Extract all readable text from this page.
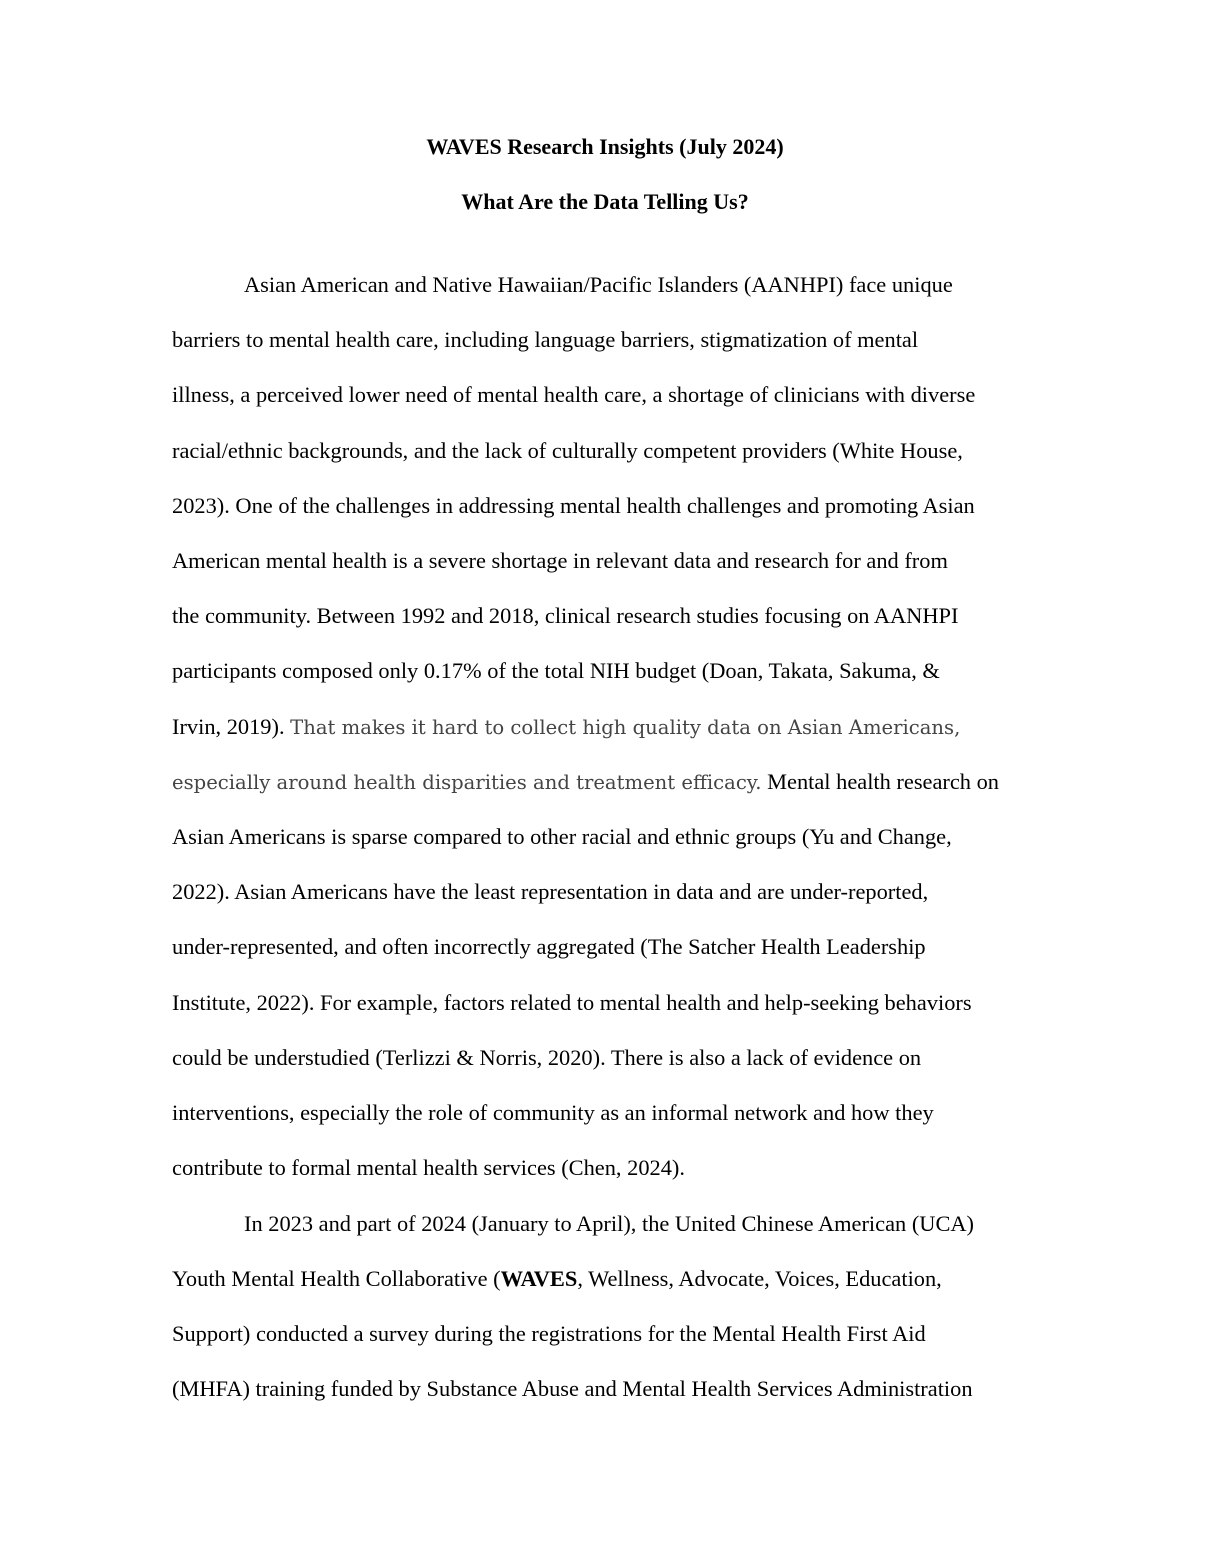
WAVES Research Insights (July 2024)
What Are the Data Telling Us?
Asian American and Native Hawaiian/Pacific Islanders (AANHPI) face unique
barriers to mental health care, including language barriers, stigmatization of mental
illness, a perceived lower need of mental health care, a shortage of clinicians with diverse
racial/ethnic backgrounds, and the lack of culturally competent providers (White House,
2023). One of the challenges in addressing mental health challenges and promoting Asian
American mental health is a severe shortage in relevant data and research for and from
the community. Between 1992 and 2018, clinical research studies focusing on AANHPI
participants composed only 0.17% of the total NIH budget (Doan, Takata, Sakuma, &
Irvin, 2019). That makes it hard to collect high quality data on Asian Americans,
especially around health disparities and treatment efficacy. Mental health research on
Asian Americans is sparse compared to other racial and ethnic groups (Yu and Change,
2022). Asian Americans have the least representation in data and are under-reported,
under-represented, and often incorrectly aggregated (The Satcher Health Leadership
Institute, 2022). For example, factors related to mental health and help-seeking behaviors
could be understudied (Terlizzi & Norris, 2020). There is also a lack of evidence on
interventions, especially the role of community as an informal network and how they
contribute to formal mental health services (Chen, 2024).
In 2023 and part of 2024 (January to April), the United Chinese American (UCA)
Youth Mental Health Collaborative (WAVES, Wellness, Advocate, Voices, Education,
Support) conducted a survey during the registrations for the Mental Health First Aid
(MHFA) training funded by Substance Abuse and Mental Health Services Administration
